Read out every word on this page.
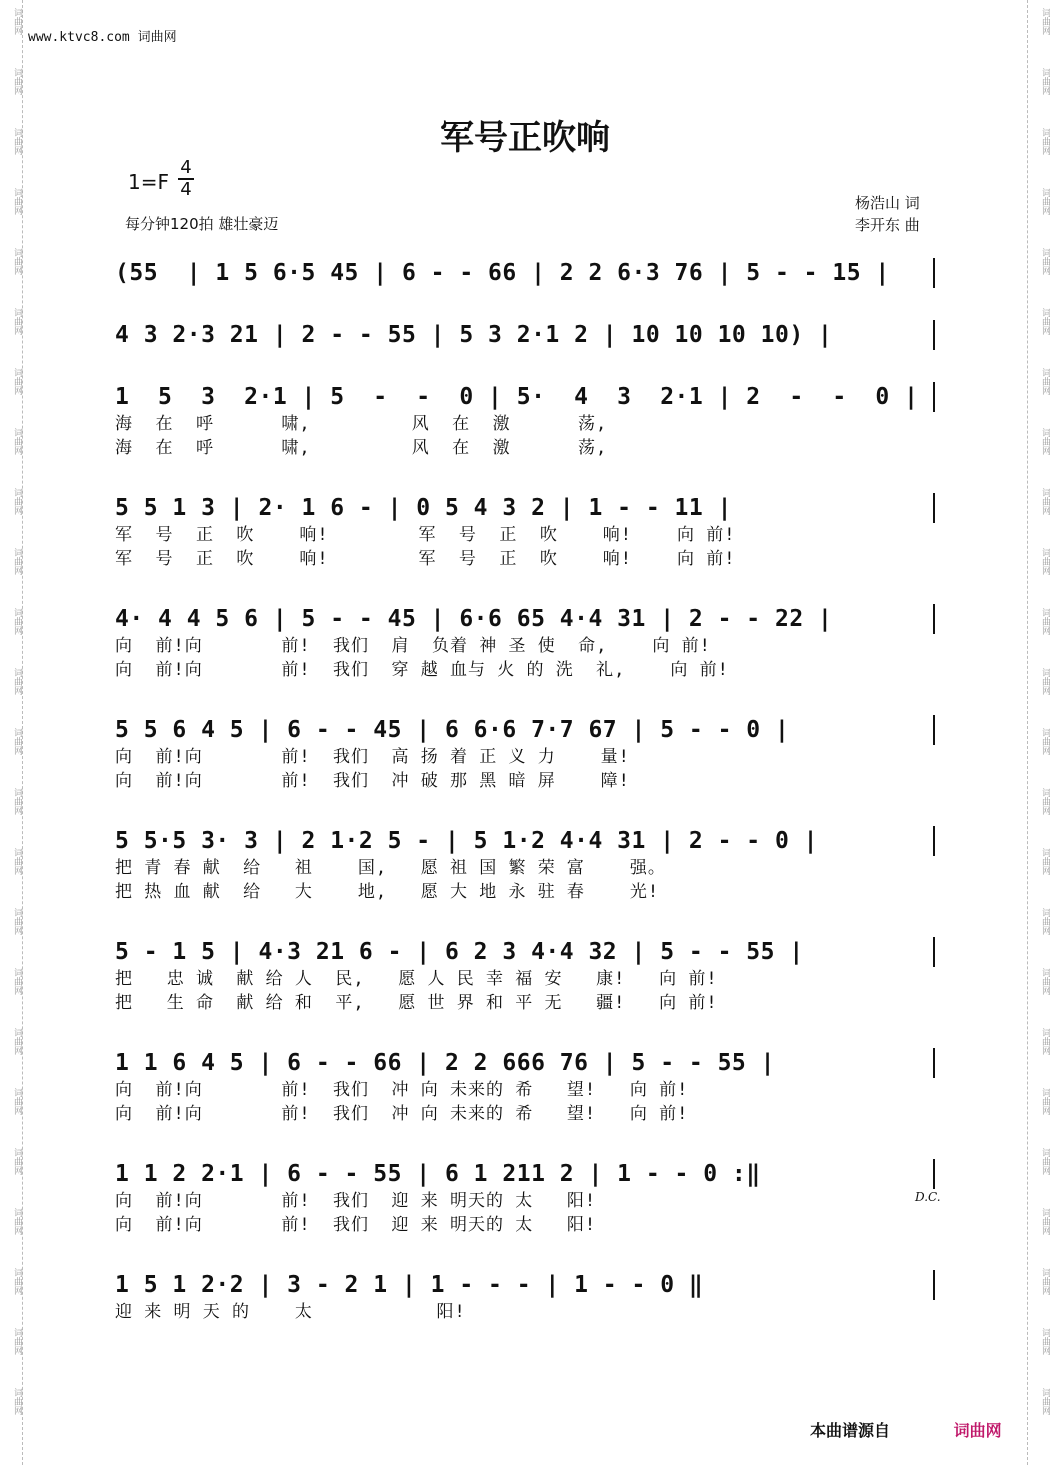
词曲网
词曲网
词曲网
词曲网
词曲网
词曲网
词曲网
词曲网
词曲网
词曲网
词曲网
词曲网
词曲网
词曲网
词曲网
词曲网
词曲网
词曲网
词曲网
词曲网
词曲网
词曲网
词曲网
词曲网
词曲网
词曲网
词曲网
词曲网
词曲网
词曲网
词曲网
词曲网
词曲网
词曲网
词曲网
词曲网
词曲网
词曲网
词曲网
词曲网
词曲网
词曲网
词曲网
词曲网
词曲网
词曲网
词曲网
词曲网
www.ktvc8.com 词曲网
军号正吹响
1=F
4
4
每分钟120拍 雄壮豪迈
杨浩山 词
李开东 曲
(55  | 1 5 6·5 45 | 6 - - 66 | 2 2 6·3 76 | 5 - - 15 |
4 3 2·3 21 | 2 - - 55 | 5 3 2·1 2 | 10 10 10 10) |
1  5  3  2·1 | 5  -  -  0 | 5·  4  3  2·1 | 2  -  -  0 |
海  在  呼      啸,         风  在  激      荡,
海  在  呼      啸,         风  在  激      荡,
5 5 1 3 | 2· 1 6 - | 0 5 4 3 2 | 1 - - 11 |
军  号  正  吹    响!        军  号  正  吹    响!    向 前!
军  号  正  吹    响!        军  号  正  吹    响!    向 前!
4· 4 4 5 6 | 5 - - 45 | 6·6 65 4·4 31 | 2 - - 22 |
向  前!向       前!  我们  肩  负着 神 圣 使  命,    向 前!
向  前!向       前!  我们  穿 越 血与 火 的 洗  礼,    向 前!
5 5 6 4 5 | 6 - - 45 | 6 6·6 7·7 67 | 5 - - 0 |
向  前!向       前!  我们  高 扬 着 正 义 力    量!
向  前!向       前!  我们  冲 破 那 黑 暗 屏    障!
5 5·5 3· 3 | 2 1·2 5 - | 5 1·2 4·4 31 | 2 - - 0 |
把 青 春 献  给   祖    国,   愿 祖 国 繁 荣 富    强。
把 热 血 献  给   大    地,   愿 大 地 永 驻 春    光!
5 - 1 5 | 4·3 21 6 - | 6 2 3 4·4 32 | 5 - - 55 |
把   忠 诚  献 给 人  民,   愿 人 民 幸 福 安   康!   向 前!
把   生 命  献 给 和  平,   愿 世 界 和 平 无   疆!   向 前!
1 1 6 4 5 | 6 - - 66 | 2 2 666 76 | 5 - - 55 |
向  前!向       前!  我们  冲 向 未来的 希   望!   向 前!
向  前!向       前!  我们  冲 向 未来的 希   望!   向 前!
1 1 2 2·1 | 6 - - 55 | 6 1 211 2 | 1 - - 0 :‖
向  前!向       前!  我们  迎 来 明天的 太   阳!
向  前!向       前!  我们  迎 来 明天的 太   阳!
1 5 1 2·2 | 3 - 2 1 | 1 - - - | 1 - - 0 ‖
迎 来 明 天 的    太           阳!
D.C.
本曲谱源自	词曲网
